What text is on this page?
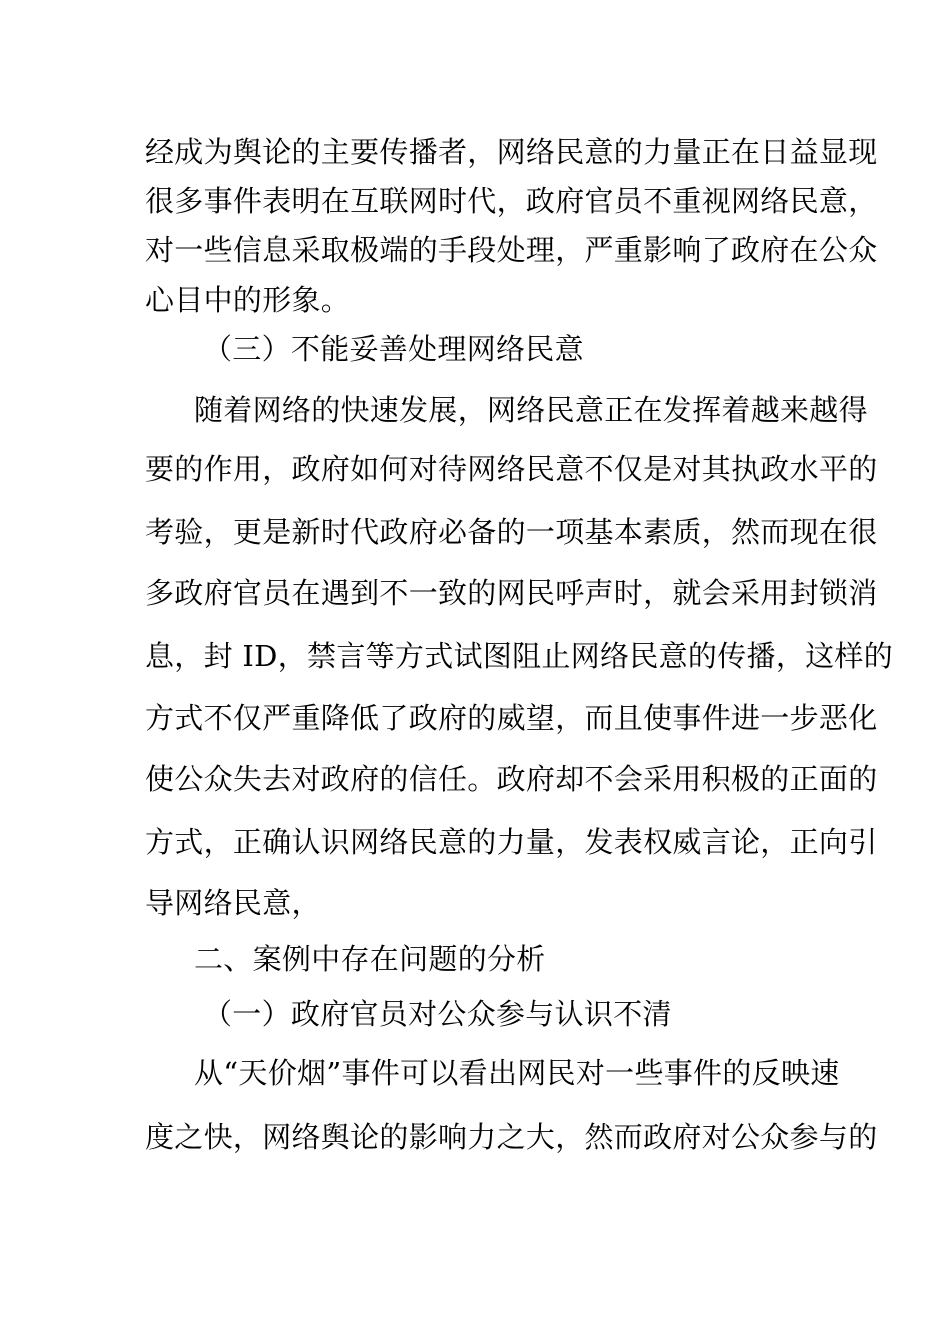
经成为舆论的主要传播者，网络民意的力量正在日益显现
很多事件表明在互联网时代，政府官员不重视网络民意，
对一些信息采取极端的手段处理，严重影响了政府在公众
心目中的形象。
（三）不能妥善处理网络民意
随着网络的快速发展，网络民意正在发挥着越来越得
要的作用，政府如何对待网络民意不仅是对其执政水平的
考验，更是新时代政府必备的一项基本素质，然而现在很
多政府官员在遇到不一致的网民呼声时，就会采用封锁消
息，封 ID，禁言等方式试图阻止网络民意的传播，这样的
方式不仅严重降低了政府的威望，而且使事件进一步恶化
使公众失去对政府的信任。政府却不会采用积极的正面的
方式，正确认识网络民意的力量，发表权威言论，正向引
导网络民意，
二、案例中存在问题的分析
（一）政府官员对公众参与认识不清
从“天价烟”事件可以看出网民对一些事件的反映速
度之快，网络舆论的影响力之大，然而政府对公众参与的
